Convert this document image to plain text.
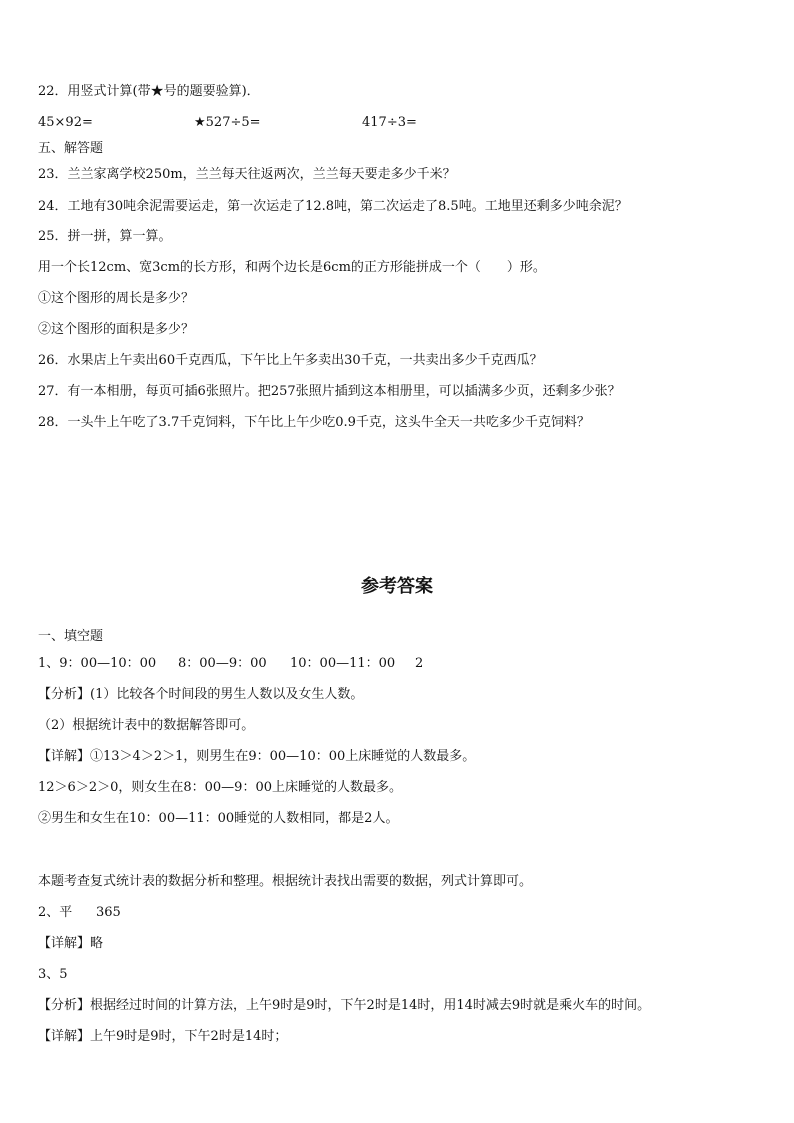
22．用竖式计算(带★号的题要验算)．
45×92=	★527÷5=	417÷3=
五、解答题
23．兰兰家离学校250m，兰兰每天往返两次，兰兰每天要走多少千米？
24．工地有30吨余泥需要运走，第一次运走了12.8吨，第二次运走了8.5吨。工地里还剩多少吨余泥？
25．拼一拼，算一算。
用一个长12cm、宽3cm的长方形，和两个边长是6cm的正方形能拼成一个（　　）形。
①这个图形的周长是多少？
②这个图形的面积是多少？
26．水果店上午卖出60千克西瓜，下午比上午多卖出30千克，一共卖出多少千克西瓜？
27．有一本相册，每页可插6张照片。把257张照片插到这本相册里，可以插满多少页，还剩多少张？
28．一头牛上午吃了3.7千克饲料，下午比上午少吃0.9千克，这头牛全天一共吃多少千克饲料？
参考答案
一、填空题
1、9：00—10：00 8：00—9：00 10：00—11：00 2
【分析】(1）比较各个时间段的男生人数以及女生人数。
（2）根据统计表中的数据解答即可。
【详解】①13＞4＞2＞1，则男生在9：00—10：00上床睡觉的人数最多。
12＞6＞2＞0，则女生在8：00—9：00上床睡觉的人数最多。
②男生和女生在10：00—11：00睡觉的人数相同，都是2人。
本题考查复式统计表的数据分析和整理。根据统计表找出需要的数据，列式计算即可。
2、平 365
【详解】略
3、5
【分析】根据经过时间的计算方法，上午9时是9时，下午2时是14时，用14时减去9时就是乘火车的时间。
【详解】上午9时是9时，下午2时是14时；
